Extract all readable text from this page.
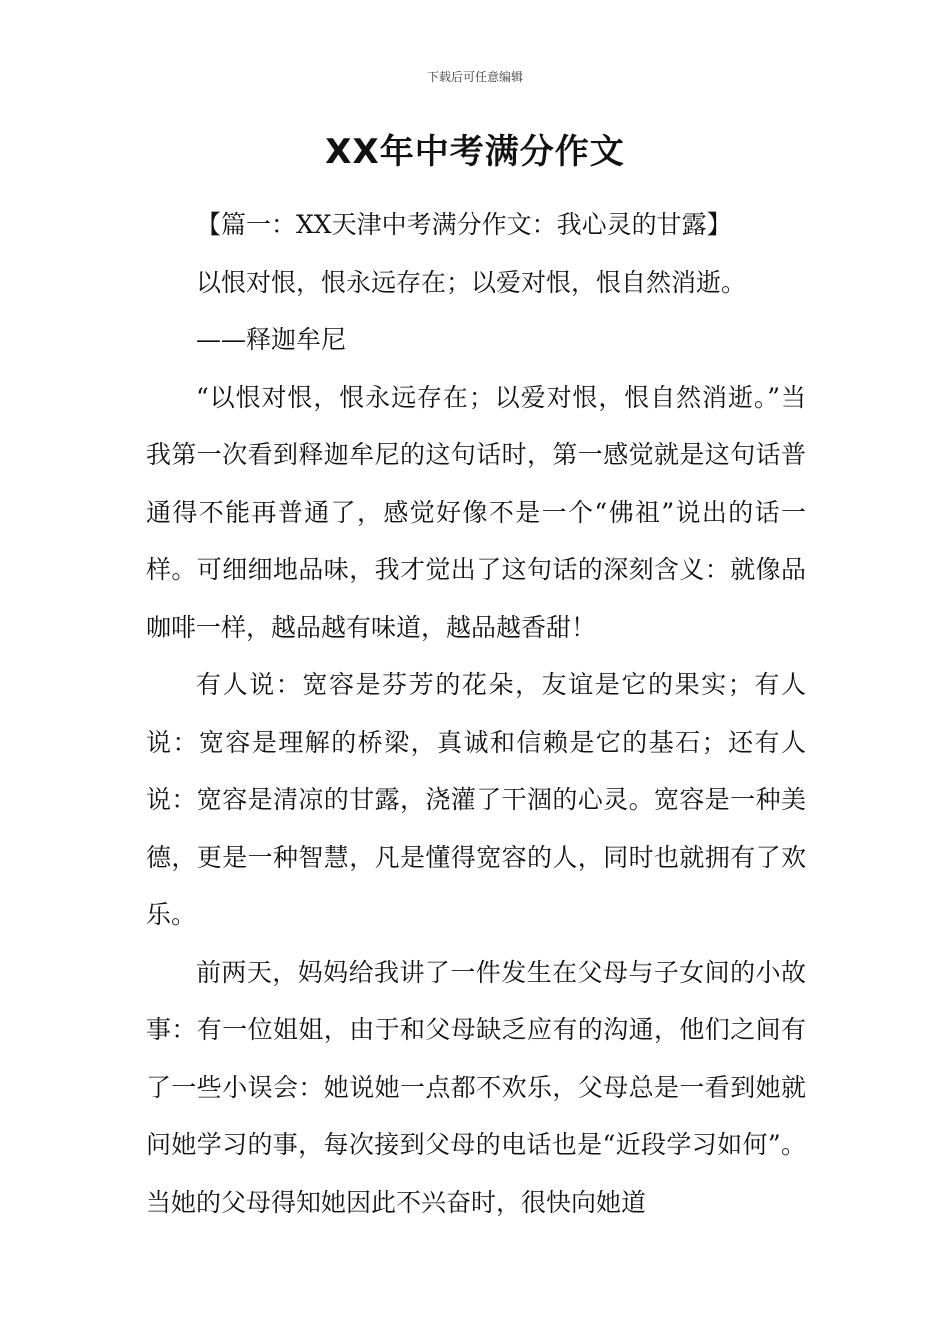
下载后可任意编辑
XX年中考满分作文

【篇一：XX天津中考满分作文：我心灵的甘露】

以恨对恨，恨永远存在；以爱对恨，恨自然消逝。

——释迦牟尼

“以恨对恨，恨永远存在；以爱对恨，恨自然消逝。”当我第一次看到释迦牟尼的这句话时，第一感觉就是这句话普通得不能再普通了，感觉好像不是一个“佛祖”说出的话一样。可细细地品味，我才觉出了这句话的深刻含义：就像品咖啡一样，越品越有味道，越品越香甜！

有人说：宽容是芬芳的花朵，友谊是它的果实；有人说：宽容是理解的桥梁，真诚和信赖是它的基石；还有人说：宽容是清凉的甘露，浇灌了干涸的心灵。宽容是一种美德，更是一种智慧，凡是懂得宽容的人，同时也就拥有了欢乐。

前两天，妈妈给我讲了一件发生在父母与子女间的小故事：有一位姐姐，由于和父母缺乏应有的沟通，他们之间有了一些小误会：她说她一点都不欢乐，父母总是一看到她就问她学习的事，每次接到父母的电话也是“近段学习如何”。当她的父母得知她因此不兴奋时，很快向她道
